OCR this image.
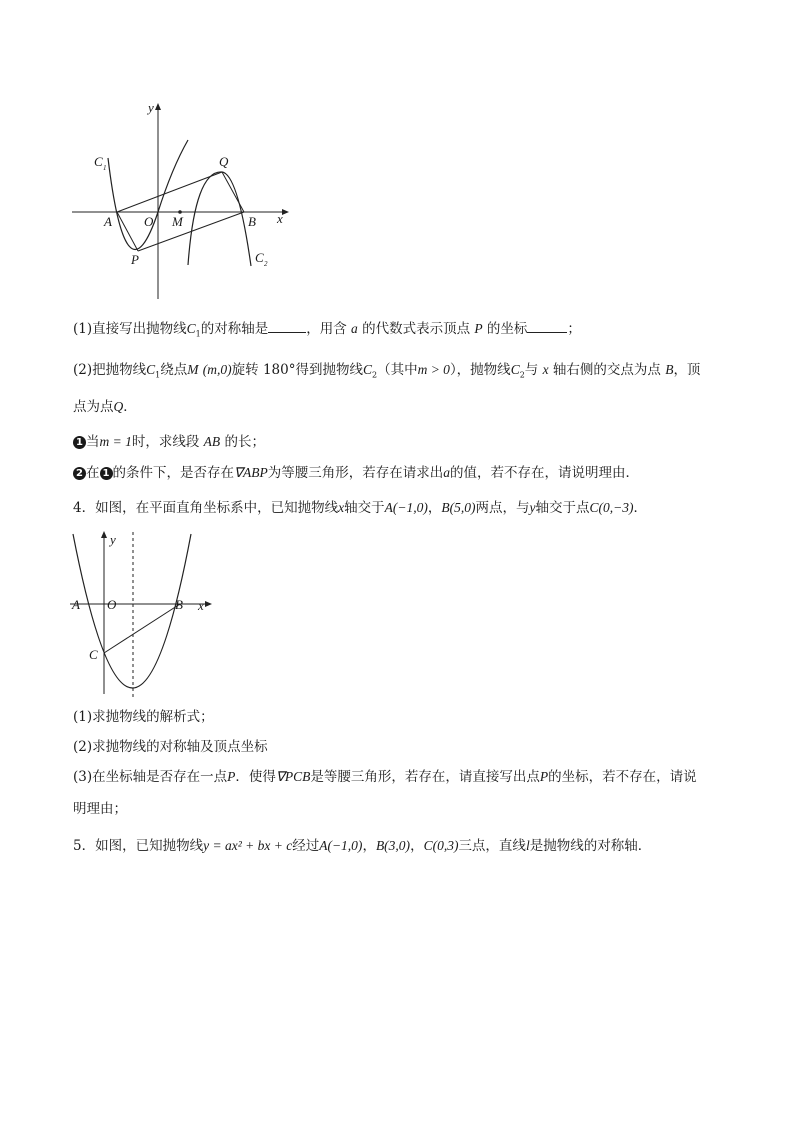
y
C 1	Q
A O M	B x
P	C 2
(1)直接写出抛物线$C_1$的对称轴是	，用含 a 的代数式表示顶点 P 的坐标	；
(2)把抛物线$C_1$绕点M (m,0)旋转 180°得到抛物线$C_2$（其中m > 0），抛物线$C_2$与 x 轴右侧的交点为点 B，顶
点为点Q．
1 当m = 1时，求线段 AB 的长；
2 在 1 的条件下，是否存在∇ABP为等腰三角形，若存在请求出a的值，若不存在，请说明理由．
4．如图，在平面直角坐标系中，已知抛物线x轴交于A(−1,0)，B(5,0)两点，与y轴交于点C(0,−3)．
y
A O	B x
C
(1)求抛物线的解析式；
(2)求抛物线的对称轴及顶点坐标
(3)在坐标轴是否存在一点P．使得∇PCB是等腰三角形，若存在，请直接写出点P的坐标，若不存在，请说
明理由；
5．如图，已知抛物线y = ax² + bx + c经过A(−1,0)，B(3,0)，C(0,3)三点，直线l是抛物线的对称轴．
